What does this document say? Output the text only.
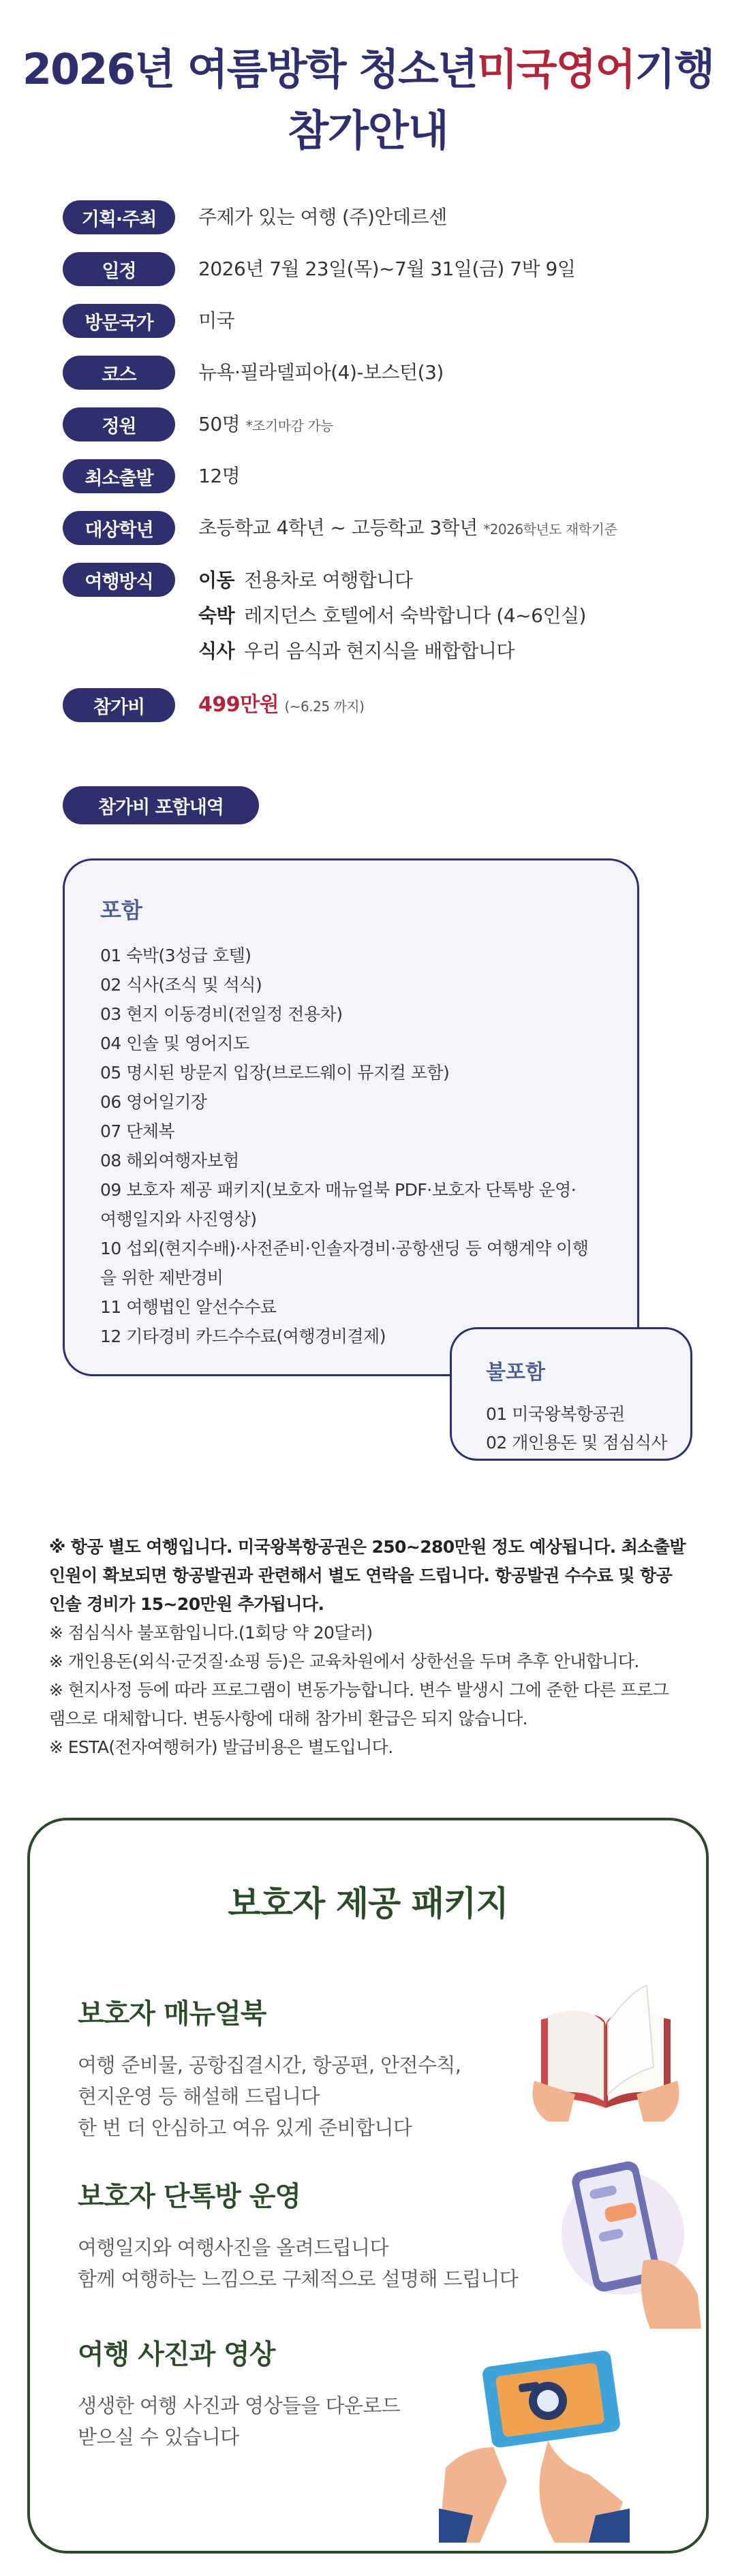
2026년 여름방학 청소년미국영어기행
참가안내
기획·주최	주제가 있는 여행 (주)안데르센
일정	2026년 7월 23일(목)~7월 31일(금) 7박 9일
방문국가	미국
코스	뉴욕·필라델피아(4)-보스턴(3)
정원	50명 *조기마감 가능
최소출발	12명
대상학년	초등학교 4학년 ~ 고등학교 3학년 *2026학년도 재학기준
여행방식	이동 전용차로 여행합니다
숙박 레지던스 호텔에서 숙박합니다 (4~6인실)
식사 우리 음식과 현지식을 배합합니다
참가비	499만원 (~6.25 까지)
참가비 포함내역
포함
01 숙박(3성급 호텔)
02 식사(조식 및 석식)
03 현지 이동경비(전일정 전용차)
04 인솔 및 영어지도
05 명시된 방문지 입장(브로드웨이 뮤지컬 포함)
06 영어일기장
07 단체복
08 해외여행자보험
09 보호자 제공 패키지(보호자 매뉴얼북 PDF·보호자 단톡방 운영·
여행일지와 사진영상)
10 섭외(현지수배)·사전준비·인솔자경비·공항샌딩 등 여행계약 이행
을 위한 제반경비
11 여행법인 알선수수료
12 기타경비 카드수수료(여행경비결제)
불포함
01 미국왕복항공권
02 개인용돈 및 점심식사
※ 항공 별도 여행입니다. 미국왕복항공권은 250~280만원 정도 예상됩니다. 최소출발
인원이 확보되면 항공발권과 관련해서 별도 연락을 드립니다. 항공발권 수수료 및 항공
인솔 경비가 15~20만원 추가됩니다.
※ 점심식사 불포함입니다.(1회당 약 20달러)
※ 개인용돈(외식·군것질·쇼핑 등)은 교육차원에서 상한선을 두며 추후 안내합니다.
※ 현지사정 등에 따라 프로그램이 변동가능합니다. 변수 발생시 그에 준한 다른 프로그
램으로 대체합니다. 변동사항에 대해 참가비 환급은 되지 않습니다.
※ ESTA(전자여행허가) 발급비용은 별도입니다.
보호자 제공 패키지
보호자 매뉴얼북
여행 준비물, 공항집결시간, 항공편, 안전수칙,
현지운영 등 해설해 드립니다
한 번 더 안심하고 여유 있게 준비합니다
보호자 단톡방 운영
여행일지와 여행사진을 올려드립니다
함께 여행하는 느낌으로 구체적으로 설명해 드립니다
여행 사진과 영상
생생한 여행 사진과 영상들을 다운로드
받으실 수 있습니다
